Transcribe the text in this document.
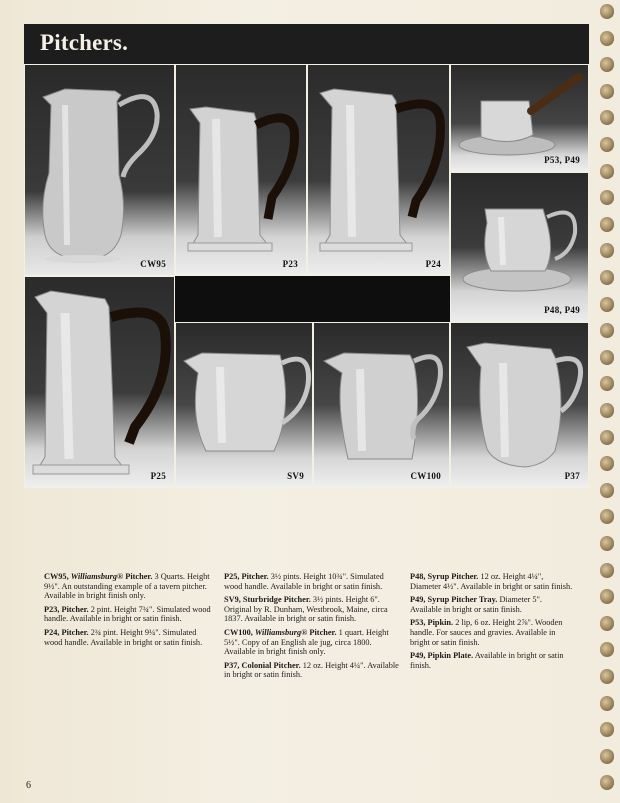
Pitchers.
CW95	P23	P24
P53, P49
P48, P49
P25	SV9	CW100	P37

CW95, Williamsburg® Pitcher. 3 Quarts. Height 9½". An outstanding example of a tavern pitcher. Available in bright finish only.

P23, Pitcher. 2 pint. Height 7¾". Simulated wood handle. Available in bright or satin finish.

P24, Pitcher. 2¾ pint. Height 9¼". Simulated wood handle. Available in bright or satin finish.

P25, Pitcher. 3½ pints. Height 10¾". Simulated wood handle. Available in bright or satin finish.

SV9, Sturbridge Pitcher. 3½ pints. Height 6". Original by R. Dunham, Westbrook, Maine, circa 1837. Available in bright or satin finish.

CW100, Williamsburg® Pitcher. 1 quart. Height 5½". Copy of an English ale jug, circa 1800. Available in bright finish only.

P37, Colonial Pitcher. 12 oz. Height 4¼". Available in bright or satin finish.

P48, Syrup Pitcher. 12 oz. Height 4¼", Diameter 4½". Available in bright or satin finish.

P49, Syrup Pitcher Tray. Diameter 5". Available in bright or satin finish.

P53, Pipkin. 2 lip, 6 oz. Height 2⅞". Wooden handle. For sauces and gravies. Available in bright or satin finish.

P49, Pipkin Plate. Available in bright or satin finish.

6
